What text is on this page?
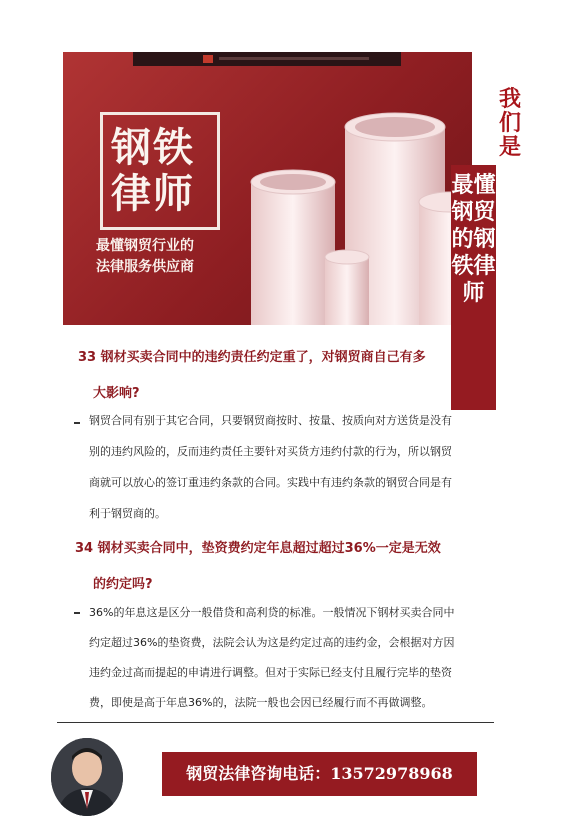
钢铁
律师
最懂钢贸行业的
法律服务供应商
我们是
最懂钢贸的钢铁律师
33 钢材买卖合同中的违约责任约定重了，对钢贸商自己有多
大影响?
钢贸合同有别于其它合同，只要钢贸商按时、按量、按质向对方送货是没有
别的违约风险的，反而违约责任主要针对买货方违约付款的行为，所以钢贸
商就可以放心的签订重违约条款的合同。实践中有违约条款的钢贸合同是有
利于钢贸商的。
34 钢材买卖合同中，垫资费约定年息超过超过36%一定是无效
的约定吗?
36%的年息这是区分一般借贷和高利贷的标准。一般情况下钢材买卖合同中
约定超过36%的垫资费，法院会认为这是约定过高的违约金，会根据对方因
违约金过高而提起的申请进行调整。但对于实际已经支付且履行完毕的垫资
费，即使是高于年息36%的，法院一般也会因已经履行而不再做调整。
钢贸法律咨询电话：13572978968
